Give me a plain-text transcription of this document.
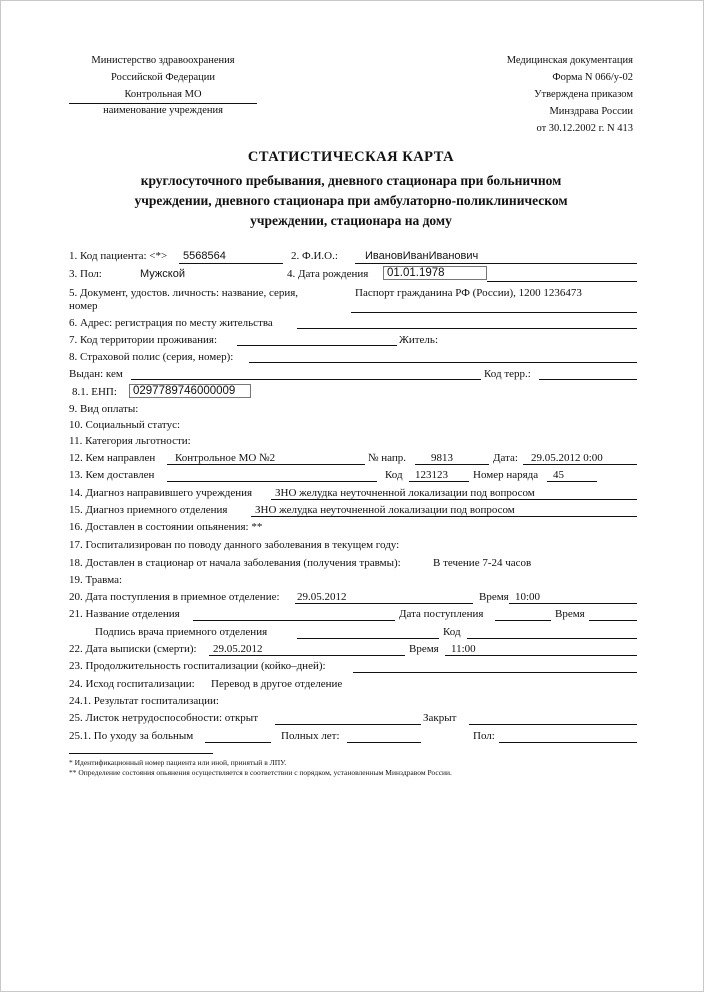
Министерство здравоохранения
Российской Федерации
Контрольная МО
наименование учреждения
Медицинская документация
Форма N 066/у-02
Утверждена приказом
Минздрава России
от 30.12.2002 г. N 413
СТАТИСТИЧЕСКАЯ КАРТА
круглосуточного пребывания, дневного стационара при больничном
учреждении, дневного стационара при амбулаторно-поликлиническом
учреждении, стационара на дому
1. Код пациента: <*> 5568564	2. Ф.И.О.: ИвановИванИванович
3. Пол:	Мужской	4. Дата рождения	01.01.1978
5. Документ, удостов. личность: название, серия,
номер
Паспорт гражданина РФ (России), 1200 1236473
6. Адрес: регистрация по месту жительства
7. Код территории проживания:	Житель:
8. Страховой полис (серия, номер):
Выдан: кем	Код терр.:
8.1. ЕНП:	0297789746000009
9. Вид оплаты:
10. Социальный статус:
11. Категория льготности:
12. Кем направлен Контрольное МО №2	№ напр. 9813	Дата: 29.05.2012 0:00
13. Кем доставлен	Код 123123 Номер наряда 45
14. Диагноз направившего учреждения ЗНО желудка неуточненной локализации под вопросом
15. Диагноз приемного отделения	ЗНО желудка неуточненной локализации под вопросом
16. Доставлен в состоянии опьянения: **
17. Госпитализирован по поводу данного заболевания в текущем году:
18. Доставлен в стационар от начала заболевания (получения травмы):	В течение 7-24 часов
19. Травма:
20. Дата поступления в приемное отделение: 29.05.2012	Время 10:00
21. Название отделения	Дата поступления	Время
Подпись врача приемного отделения	Код
22. Дата выписки (смерти): 29.05.2012	Время 11:00
23. Продолжительность госпитализации (койко–дней):
24. Исход госпитализации: Перевод в другое отделение
24.1. Результат госпитализации:
25. Листок нетрудоспособности: открыт	Закрыт
25.1. По уходу за больным	Полных лет:	Пол:
* Идентификационный номер пациента или иной, принятый в ЛПУ.
** Определение состояния опьянения осуществляется в соответствии с порядком, установленным Минздравом России.
